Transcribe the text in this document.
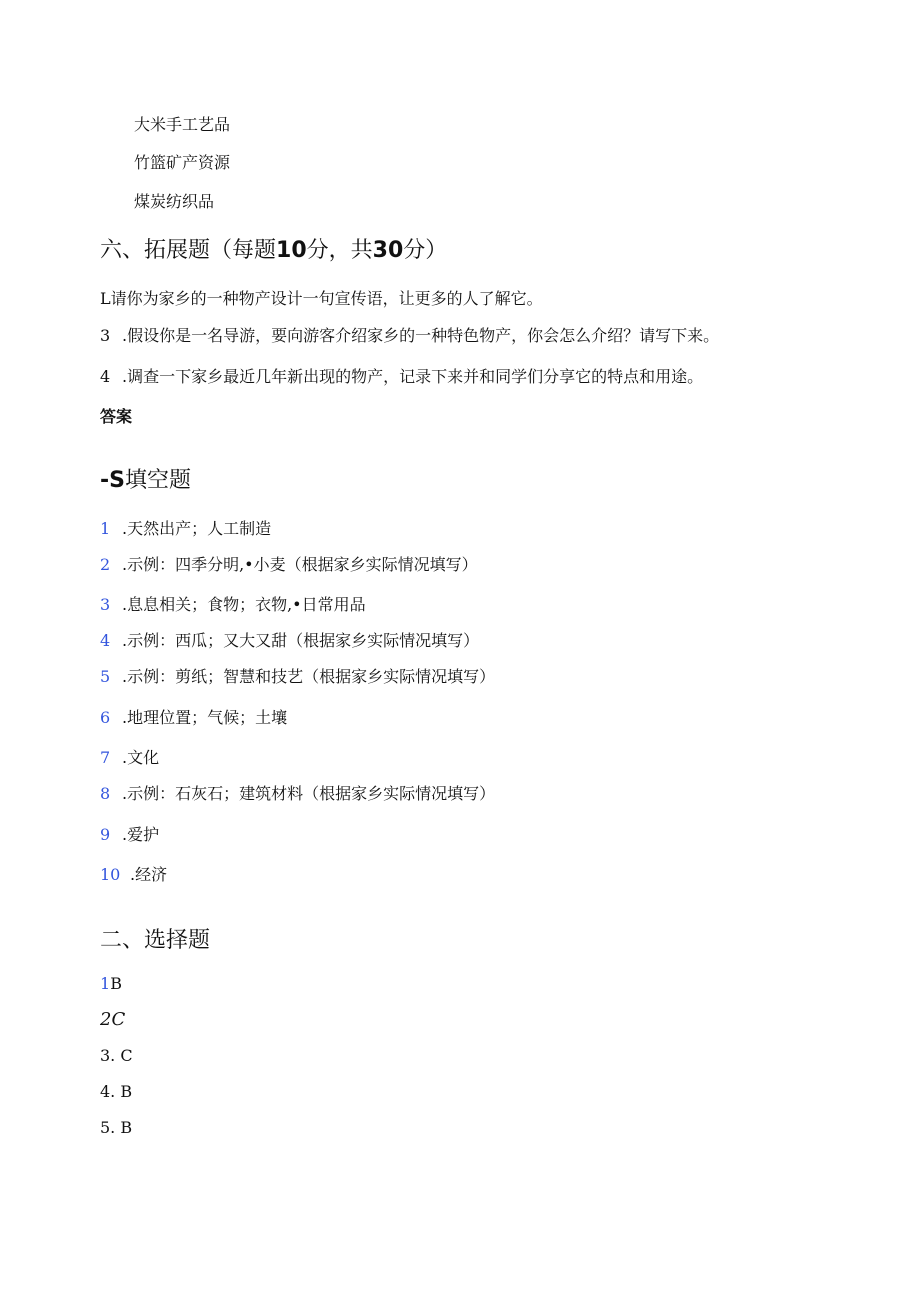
大米手工艺品
竹篮矿产资源
煤炭纺织品
六、拓展题（每题10分，共30分）
L请你为家乡的一种物产设计一句宣传语，让更多的人了解它。
3 .假设你是一名导游，要向游客介绍家乡的一种特色物产，你会怎么介绍？请写下来。
4 .调查一下家乡最近几年新出现的物产，记录下来并和同学们分享它的特点和用途。
答案
-S填空题
1 .天然出产；人工制造
2 .示例：四季分明,•小麦（根据家乡实际情况填写）
3 .息息相关；食物；衣物,•日常用品
4 .示例：西瓜；又大又甜（根据家乡实际情况填写）
5 .示例：剪纸；智慧和技艺（根据家乡实际情况填写）
6 .地理位置；气候；土壤
7 .文化
8 .示例：石灰石；建筑材料（根据家乡实际情况填写）
9 .爱护
10 .经济
二、选择题
1B
2C
3. C
4. B
5. B
